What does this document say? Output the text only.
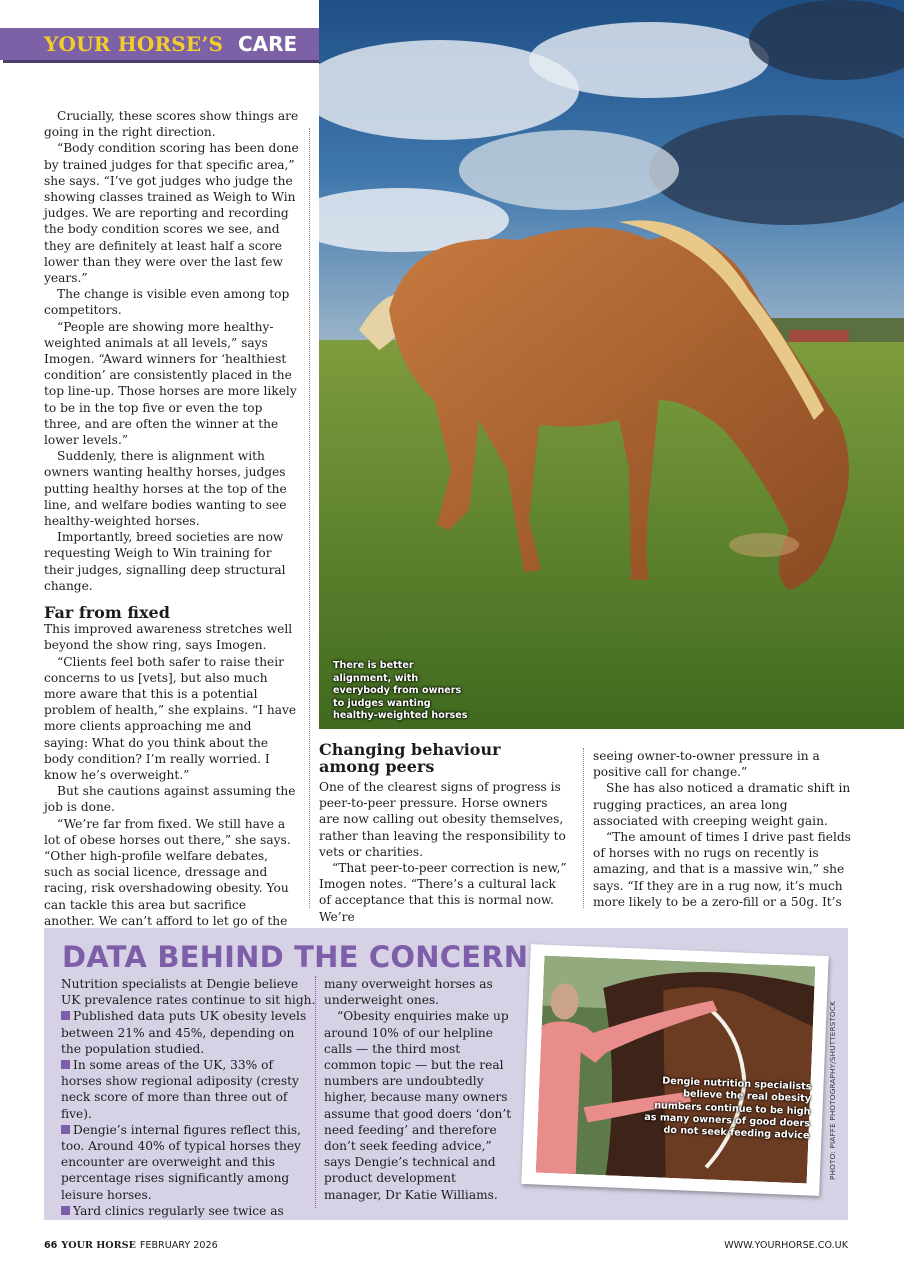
YOUR HORSE’S CARE

Crucially, these scores show things are going in the right direction.

“Body condition scoring has been done by trained judges for that specific area,” she says. “I’ve got judges who judge the showing classes trained as Weigh to Win judges. We are reporting and recording the body condition scores we see, and they are definitely at least half a score lower than they were over the last few years.”

The change is visible even among top competitors.

“People are showing more healthy-weighted animals at all levels,” says Imogen. “Award winners for ‘healthiest condition’ are consistently placed in the top line-up. Those horses are more likely to be in the top five or even the top three, and are often the winner at the lower levels.”

Suddenly, there is alignment with owners wanting healthy horses, judges putting healthy horses at the top of the line, and welfare bodies wanting to see healthy-weighted horses.

Importantly, breed societies are now requesting Weigh to Win training for their judges, signalling deep structural change.

Far from fixed

This improved awareness stretches well beyond the show ring, says Imogen.

“Clients feel both safer to raise their concerns to us [vets], but also much more aware that this is a potential problem of health,” she explains. “I have more clients approaching me and saying: What do you think about the body condition? I’m really worried. I know he’s overweight.”

But she cautions against assuming the job is done.

“We’re far from fixed. We still have a lot of obese horses out there,” she says. “Other high-profile welfare debates, such as social licence, dressage and racing, risk overshadowing obesity. You can tackle this area but sacrifice another. We can’t afford to let go of the

There is better alignment, with everybody from owners to judges wanting healthy-weighted horses
Changing behaviour among peers

One of the clearest signs of progress is peer-to-peer pressure. Horse owners are now calling out obesity themselves, rather than leaving the responsibility to vets or charities.

“That peer-to-peer correction is new,” Imogen notes. “There’s a cultural lack of acceptance that this is normal now. We’re

seeing owner-to-owner pressure in a positive call for change.”

She has also noticed a dramatic shift in rugging practices, an area long associated with creeping weight gain.

“The amount of times I drive past fields of horses with no rugs on recently is amazing, and that is a massive win,” she says. “If they are in a rug now, it’s much more likely to be a zero-fill or a 50g. It’s

DATA BEHIND THE CONCERN

Nutrition specialists at Dengie believe UK prevalence rates continue to sit high.

Published data puts UK obesity levels between 21% and 45%, depending on the population studied.

In some areas of the UK, 33% of horses show regional adiposity (cresty neck score of more than three out of five).

Dengie’s internal figures reflect this, too. Around 40% of typical horses they encounter are overweight and this percentage rises significantly among leisure horses.

Yard clinics regularly see twice as

many overweight horses as underweight ones.

“Obesity enquiries make up around 10% of our helpline calls — the third most common topic — but the real numbers are undoubtedly higher, because many owners assume that good doers ‘don’t need feeding’ and therefore don’t seek feeding advice,” says Dengie’s technical and product development manager, Dr Katie Williams.

Dengie nutrition specialists believe the real obesity numbers continue to be high as many owners of good doers do not seek feeding advice	PHOTO: PIAFFE PHOTOGRAPHY/SHUTTERSTOCK
66 YOUR HORSE FEBRUARY 2026	WWW.YOURHORSE.CO.UK
